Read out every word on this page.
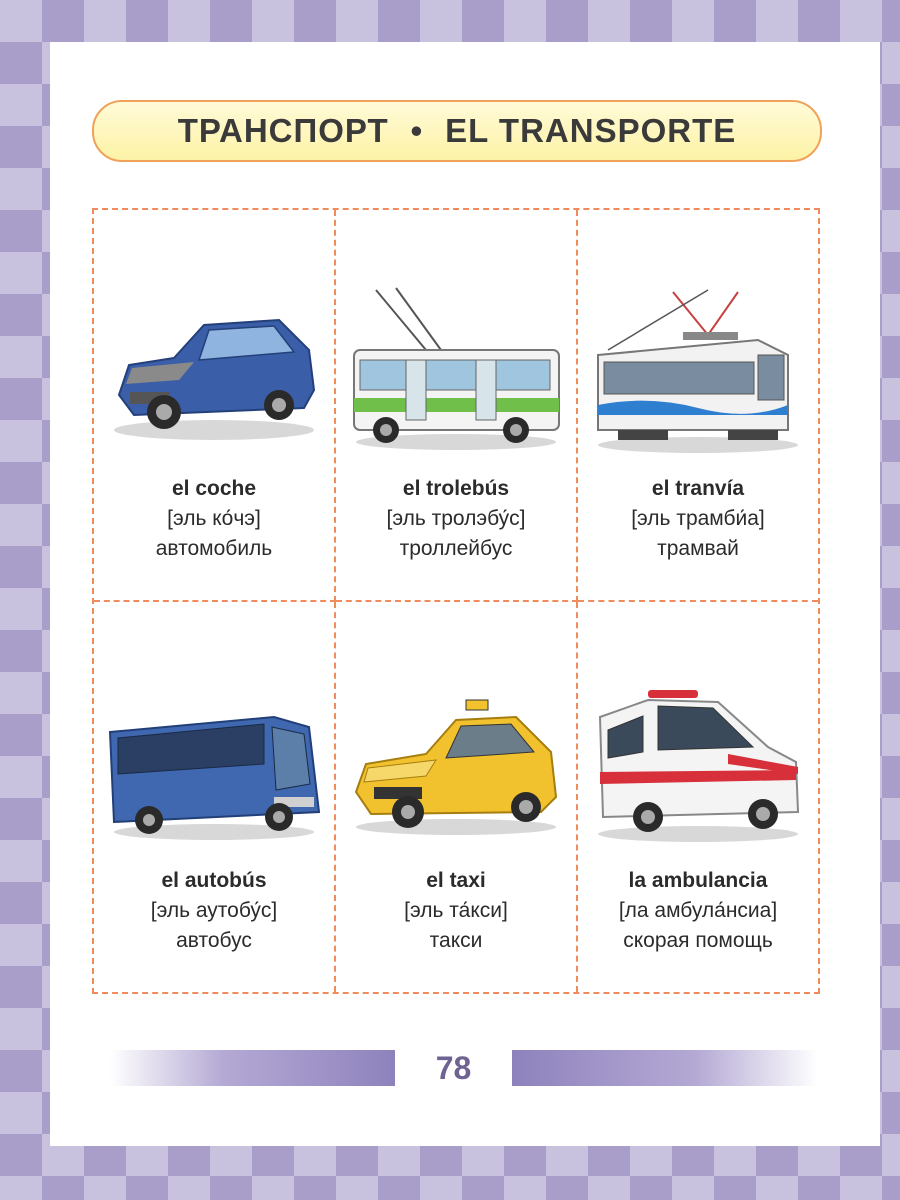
ТРАНСПОРТ • EL TRANSPORTE
el coche
[эль ко́чэ]
автомобиль
el trolebús
[эль тролэбу́с]
троллейбус
el tranvía
[эль трамби́а]
трамвай
el autobús
[эль аутобу́с]
автобус
el taxi
[эль та́кси]
такси
la ambulancia
[ла амбула́нсиа]
скорая помощь
78
